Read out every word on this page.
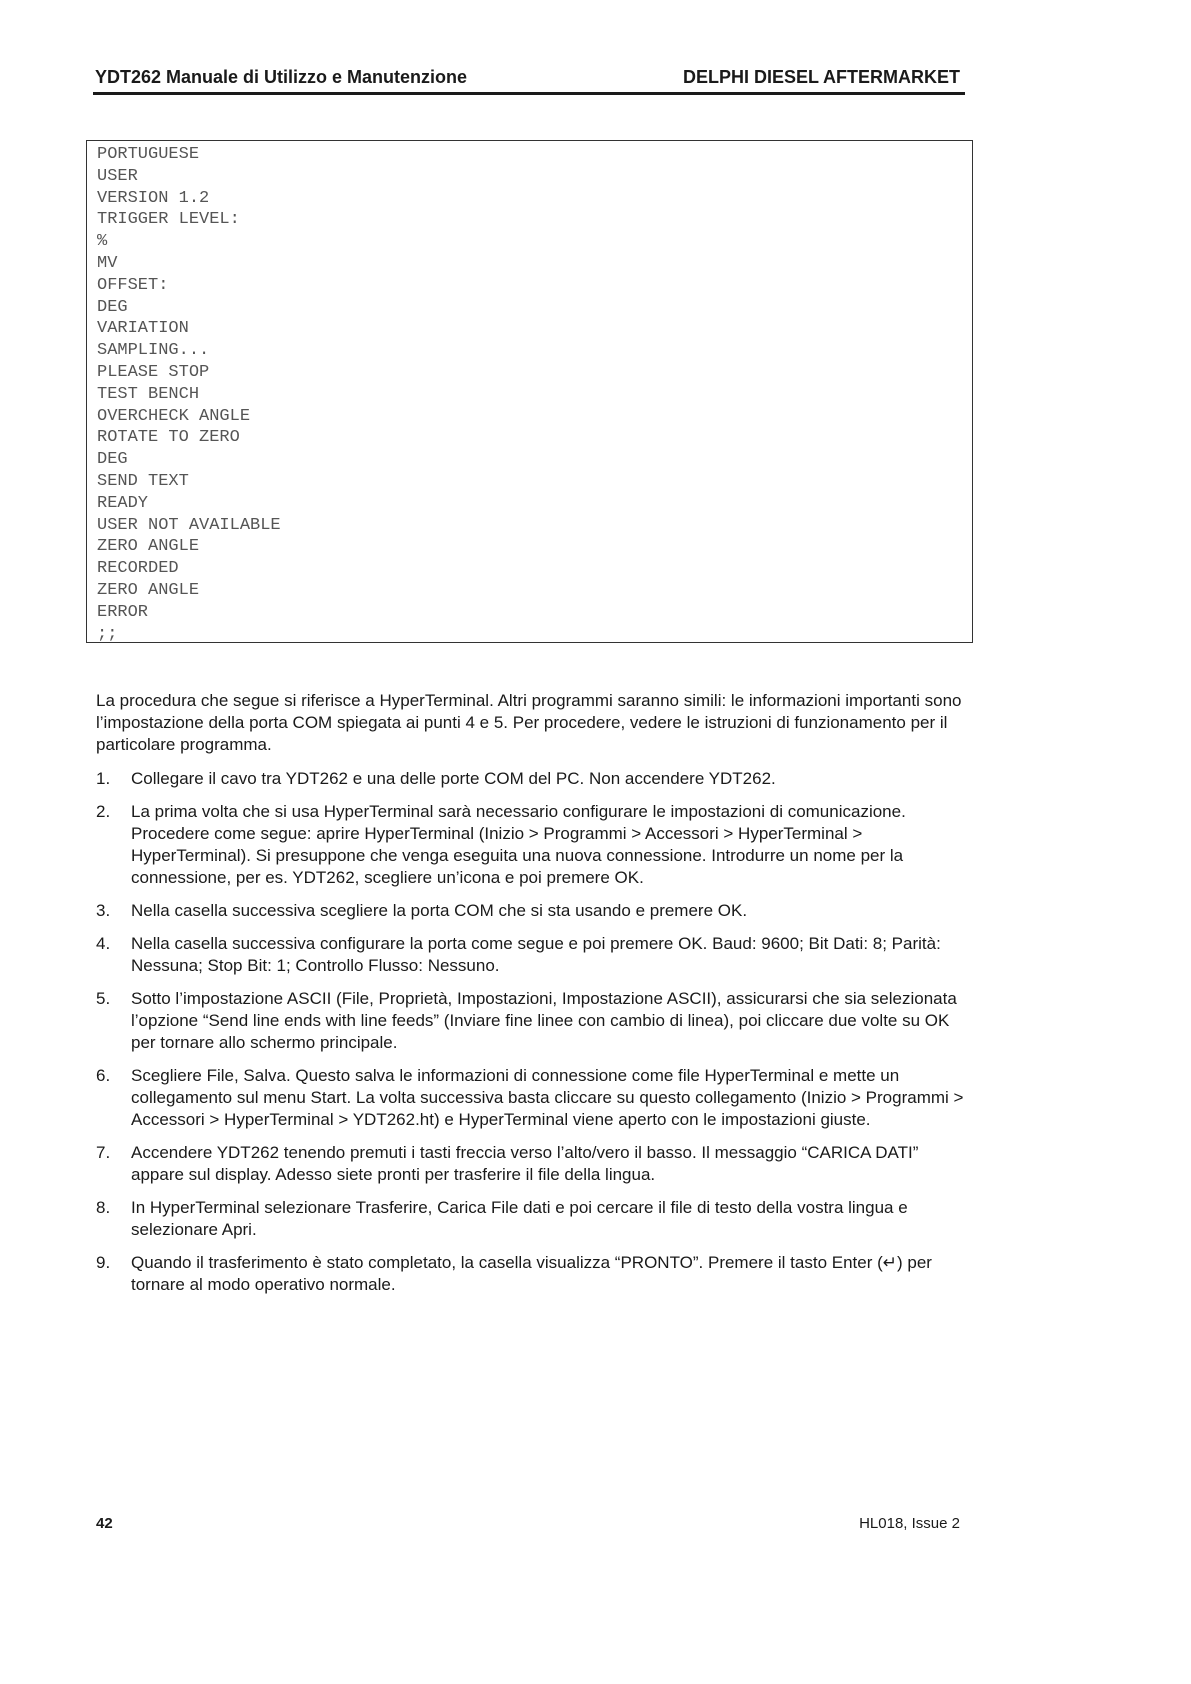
YDT262 Manuale di Utilizzo e Manutenzione	DELPHI DIESEL AFTERMARKET
PORTUGUESE
USER
VERSION 1.2
TRIGGER LEVEL:
%
MV
OFFSET:
DEG
VARIATION
SAMPLING...
PLEASE STOP
TEST BENCH
OVERCHECK ANGLE
ROTATE TO ZERO
DEG
SEND TEXT
READY
USER NOT AVAILABLE
ZERO ANGLE
RECORDED
ZERO ANGLE
ERROR
;;

La procedura che segue si riferisce a HyperTerminal. Altri programmi saranno simili: le informazioni importanti sono l’impostazione della porta COM spiegata ai punti 4 e 5. Per procedere, vedere le istruzioni di funzionamento per il particolare programma.

1. Collegare il cavo tra YDT262 e una delle porte COM del PC. Non accendere YDT262.
2. La prima volta che si usa HyperTerminal sarà necessario configurare le impostazioni di comunicazione. Procedere come segue: aprire HyperTerminal (Inizio > Programmi > Accessori > HyperTerminal > HyperTerminal). Si presuppone che venga eseguita una nuova connessione. Introdurre un nome per la connessione, per es. YDT262, scegliere un’icona e poi premere OK.
3. Nella casella successiva scegliere la porta COM che si sta usando e premere OK.
4. Nella casella successiva configurare la porta come segue e poi premere OK. Baud: 9600; Bit Dati: 8; Parità: Nessuna; Stop Bit: 1; Controllo Flusso: Nessuno.
5. Sotto l’impostazione ASCII (File, Proprietà, Impostazioni, Impostazione ASCII), assicurarsi che sia selezionata l’opzione “Send line ends with line feeds” (Inviare fine linee con cambio di linea), poi cliccare due volte su OK per tornare allo schermo principale.
6. Scegliere File, Salva. Questo salva le informazioni di connessione come file HyperTerminal e mette un collegamento sul menu Start. La volta successiva basta cliccare su questo collegamento (Inizio > Programmi > Accessori > HyperTerminal > YDT262.ht) e HyperTerminal viene aperto con le impostazioni giuste.
7. Accendere YDT262 tenendo premuti i tasti freccia verso l’alto/vero il basso. Il messaggio “CARICA DATI” appare sul display. Adesso siete pronti per trasferire il file della lingua.
8. In HyperTerminal selezionare Trasferire, Carica File dati e poi cercare il file di testo della vostra lingua e selezionare Apri.
9. Quando il trasferimento è stato completato, la casella visualizza “PRONTO”. Premere il tasto Enter (↵) per tornare al modo operativo normale.
42	HL018, Issue 2
